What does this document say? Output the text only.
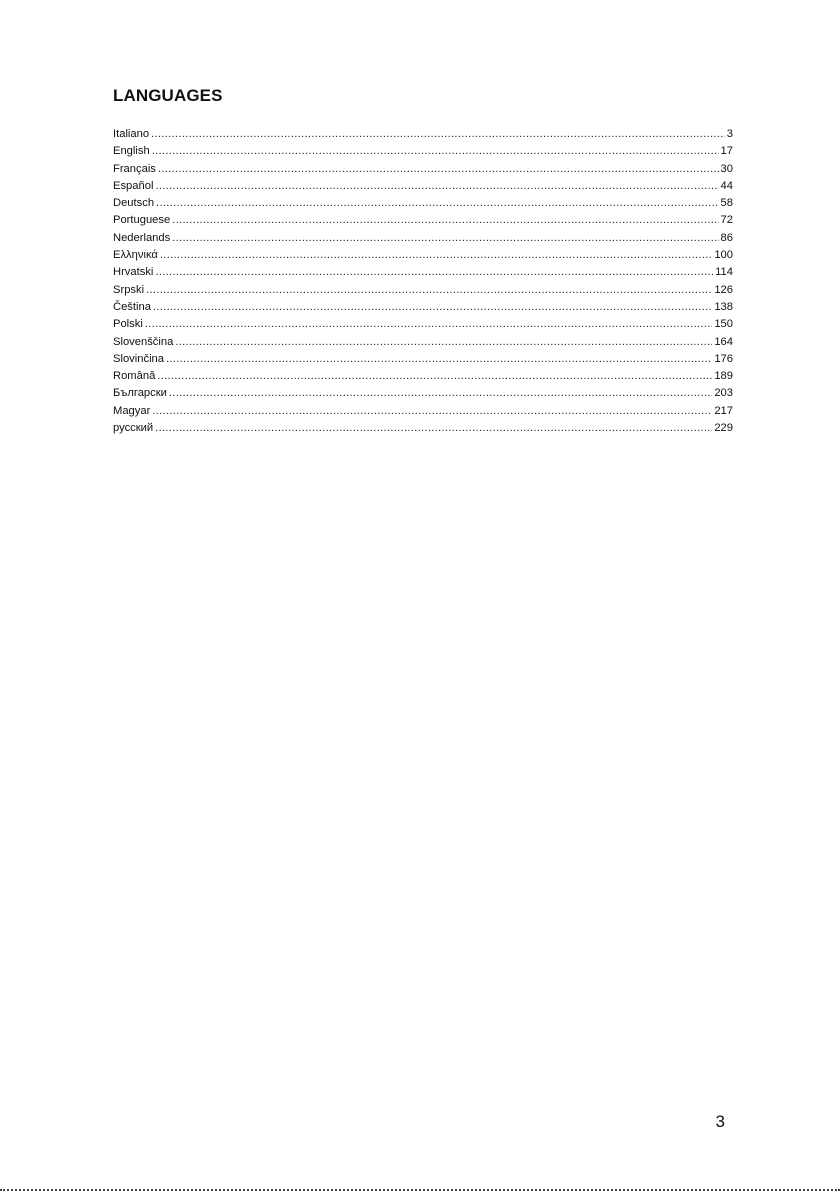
LANGUAGES
Italiano .....	3
English .....	17
Français .....	30
Español .....	44
Deutsch .....	58
Portuguese .....	72
Nederlands .....	86
Ελληνικά .....	100
Hrvatski .....	114
Srpski .....	126
Čeština .....	138
Polski .....	150
Slovenščina .....	164
Slovinčina .....	176
Română .....	189
Български .....	203
Magyar .....	217
русский .....	229
3
